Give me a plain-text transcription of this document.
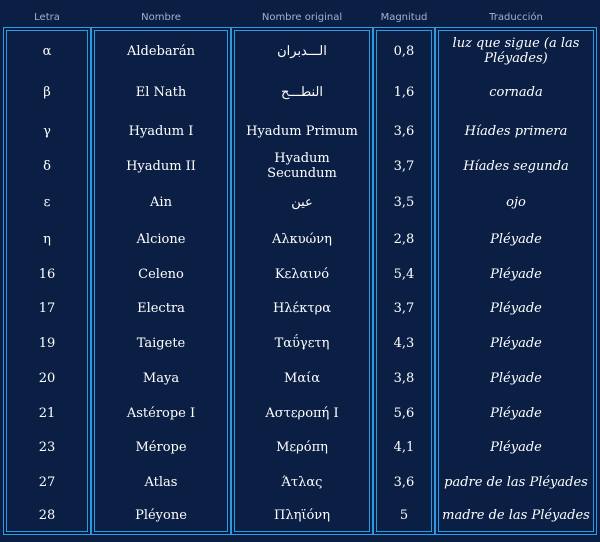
Letra	Nombre	Nombre original	Magnitud	Traducción
α	Aldebarán	الـــدبران	0,8	luz que sigue (a las Pléyades)
β	El Nath	النطـــح	1,6	cornada
γ	Hyadum I	Hyadum Primum	3,6	Híades primera
δ	Hyadum II	Hyadum Secundum	3,7	Híades segunda
ε	Ain	عين	3,5	ojo
η	Alcione	Αλκυώνη	2,8	Pléyade
16	Celeno	Κελαινό	5,4	Pléyade
17	Electra	Ηλέκτρα	3,7	Pléyade
19	Taigete	Ταΰγετη	4,3	Pléyade
20	Maya	Μαία	3,8	Pléyade
21	Astérope I	Αστεροπή I	5,6	Pléyade
23	Mérope	Μερόπη	4,1	Pléyade
27	Atlas	Άτλας	3,6	padre de las Pléyades
28	Pléyone	Πληϊόνη	5	madre de las Pléyades
